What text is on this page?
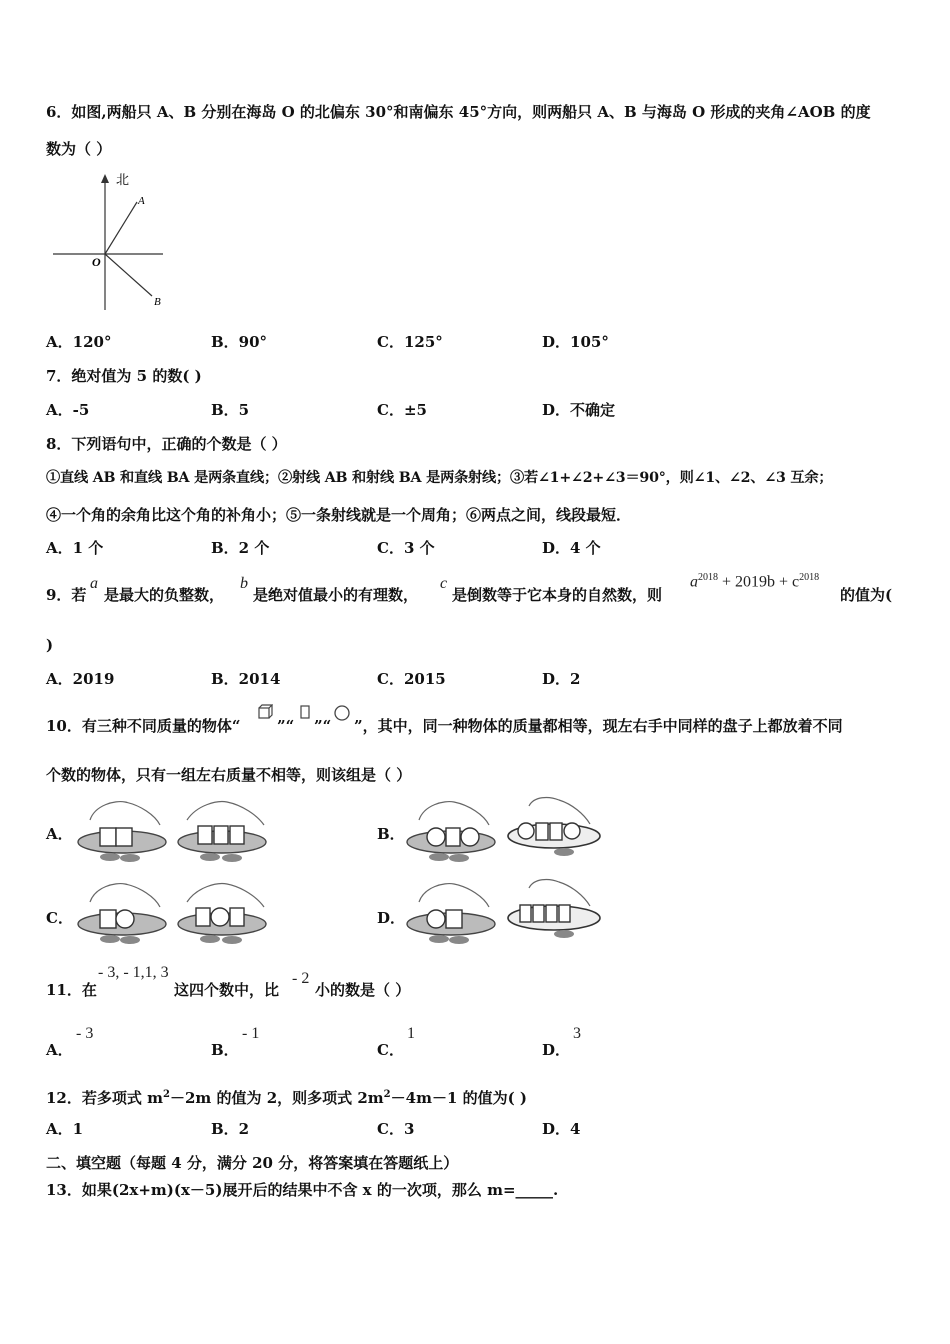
6．如图,两船只 A、B 分别在海岛 O 的北偏东 30°和南偏东 45°方向，则两船只 A、B 与海岛 O 形成的夹角∠AOB 的度
数为（ ）
北
A
O
B
A．120°	B．90°	C．125°	D．105°
7．绝对值为 5 的数( )
A．-5	B．5	C．±5	D．不确定
8．下列语句中，正确的个数是（ ）
①直线 AB 和直线 BA 是两条直线；②射线 AB 和射线 BA 是两条射线；③若∠1+∠2+∠3＝90°，则∠1、∠2、∠3 互余；
④一个角的余角比这个角的补角小；⑤一条射线就是一个周角；⑥两点之间，线段最短．
A．1 个	B．2 个	C．3 个	D．4 个
9．若
a
是最大的负整数，
b
是绝对值最小的有理数，
c
是倒数等于它本身的自然数，则
$a^{2018} + 2019b + c^{2018}$
的值为(
)
A．2019	B．2014	C．2015	D．2
10．有三种不同质量的物体“ ”“ ”“ ”，其中，同一种物体的质量都相等，现左右手中同样的盘子上都放着不同
个数的物体，只有一组左右质量不相等，则该组是（ ）
A．	B．
C．	D．
11．在
- 3, - 1,1, 3
这四个数中，比
- 2
小的数是（ ）
A．
- 3
B．
- 1
C．
1
D．
3
12．若多项式 $m^2-2m$ 的值为 2，则多项式 $2m^2-4m-1$ 的值为( )
A．1	B．2	C．3	D．4
二、填空题（每题 4 分，满分 20 分，将答案填在答题纸上）
13．如果(2x+m)(x－5)展开后的结果中不含 x 的一次项，那么 m=_____.
